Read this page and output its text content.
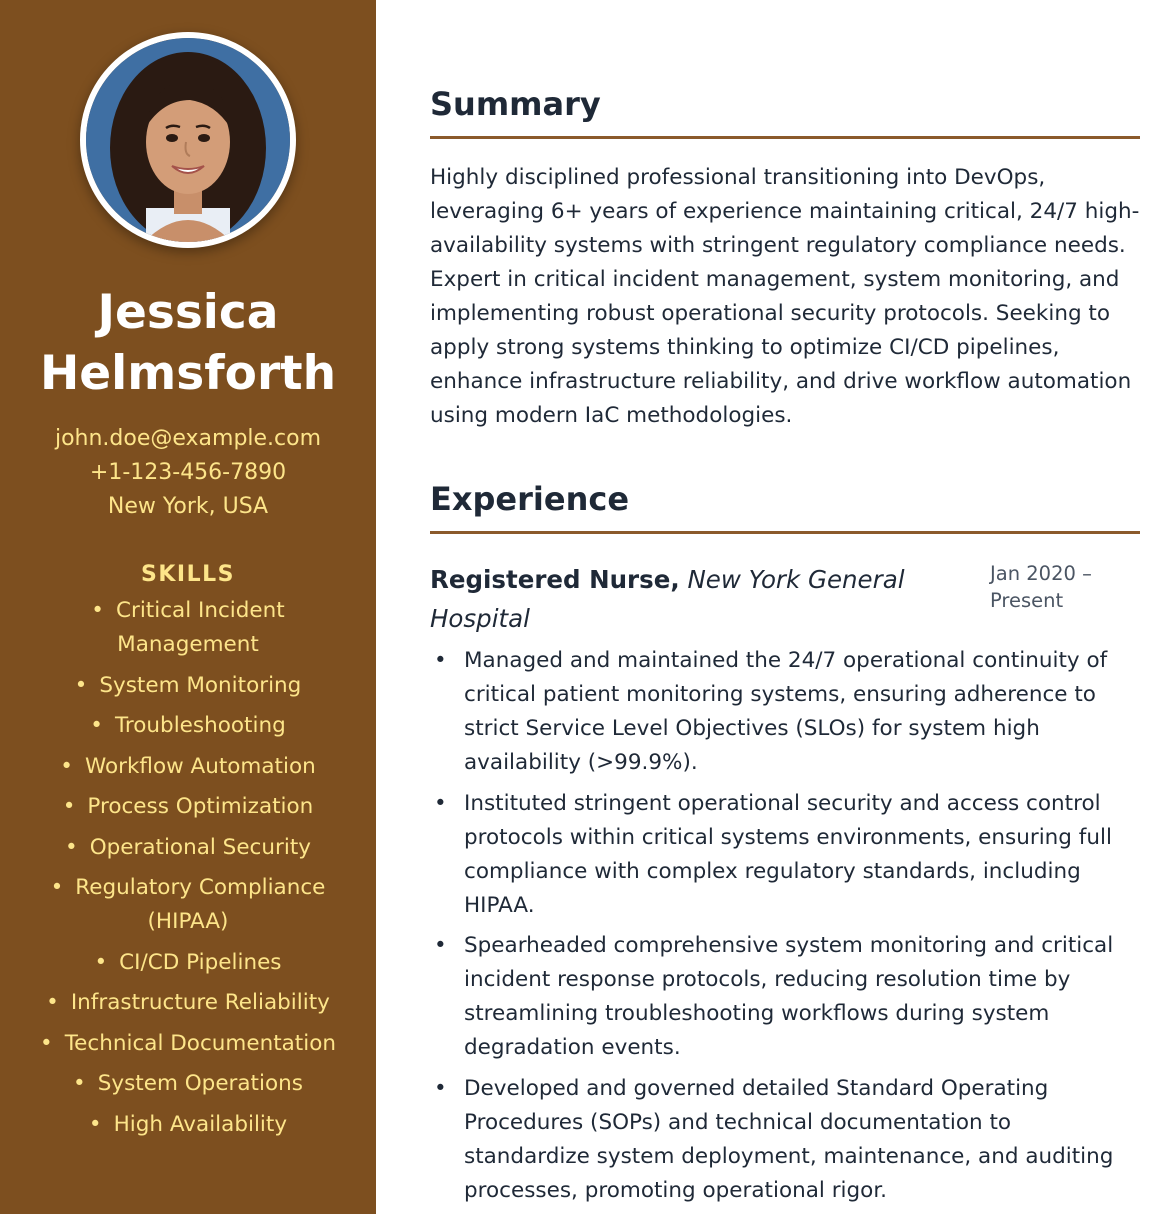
Jessica
Helmsforth
john.doe@example.com
+1-123-456-7890
New York, USA
SKILLS
• Critical Incident Management
• System Monitoring
• Troubleshooting
• Workflow Automation
• Process Optimization
• Operational Security
• Regulatory Compliance (HIPAA)
• CI/CD Pipelines
• Infrastructure Reliability
• Technical Documentation
• System Operations
• High Availability
Summary

Highly disciplined professional transitioning into DevOps, leveraging 6+ years of experience maintaining critical, 24/7 high-availability systems with stringent regulatory compliance needs. Expert in critical incident management, system monitoring, and implementing robust operational security protocols. Seeking to apply strong systems thinking to optimize CI/CD pipelines, enhance infrastructure reliability, and drive workflow automation using modern IaC methodologies.

Experience
Registered Nurse, New York General Hospital
Jan 2020 – Present
• Managed and maintained the 24/7 operational continuity of critical patient monitoring systems, ensuring adherence to strict Service Level Objectives (SLOs) for system high availability (>99.9%).
• Instituted stringent operational security and access control protocols within critical systems environments, ensuring full compliance with complex regulatory standards, including HIPAA.
• Spearheaded comprehensive system monitoring and critical incident response protocols, reducing resolution time by streamlining troubleshooting workflows during system degradation events.
• Developed and governed detailed Standard Operating Procedures (SOPs) and technical documentation to standardize system deployment, maintenance, and auditing processes, promoting operational rigor.
